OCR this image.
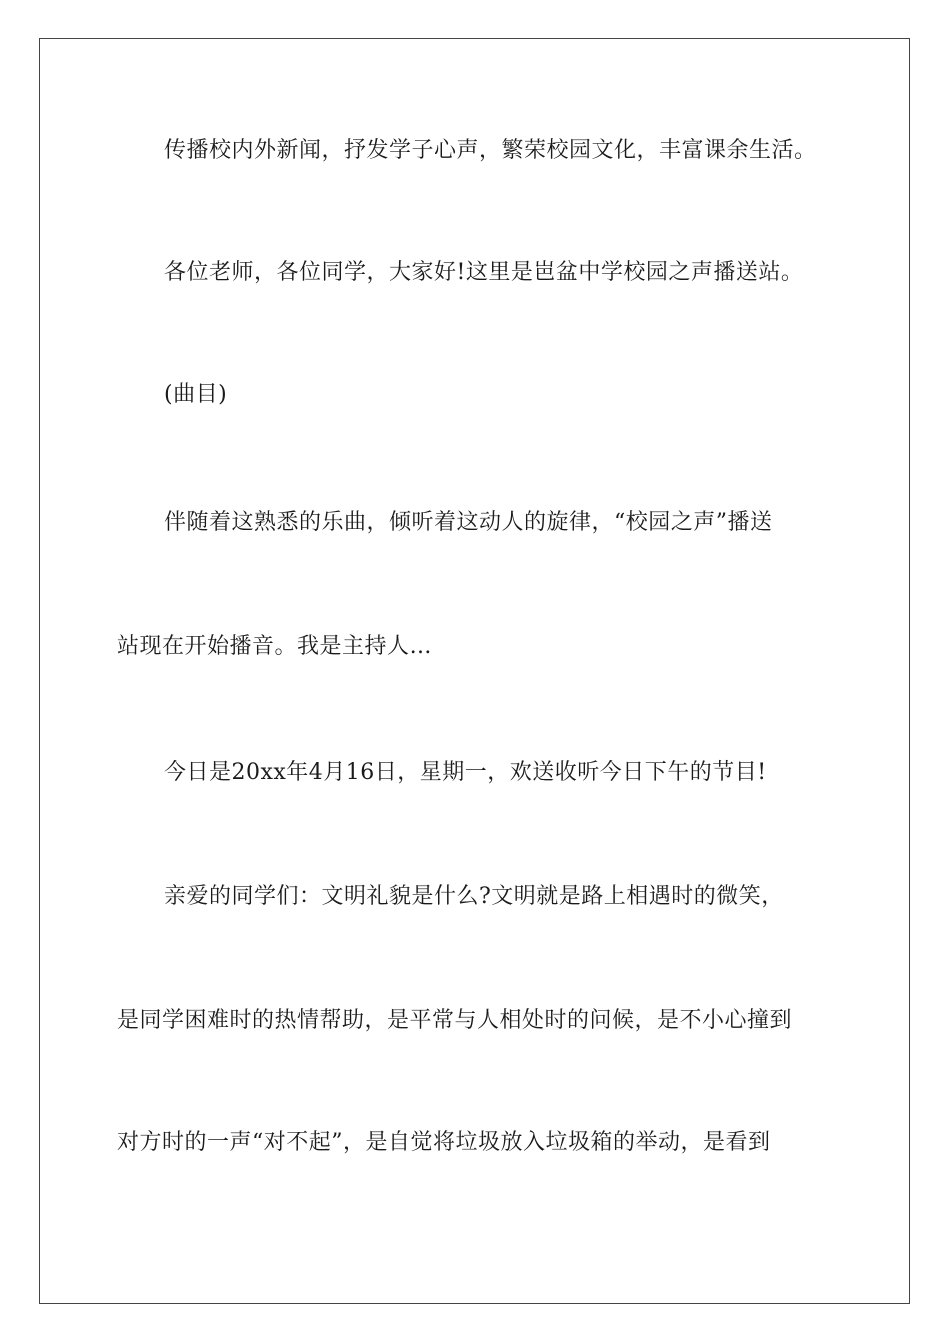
传播校内外新闻，抒发学子心声，繁荣校园文化，丰富课余生活。
各位老师，各位同学，大家好!这里是岜盆中学校园之声播送站。
(曲目)
伴随着这熟悉的乐曲，倾听着这动人的旋律，“校园之声”播送
站现在开始播音。我是主持人…
今日是20xx年4月16日，星期一，欢送收听今日下午的节目!
亲爱的同学们：文明礼貌是什么?文明就是路上相遇时的微笑，
是同学困难时的热情帮助，是平常与人相处时的问候，是不小心撞到
对方时的一声“对不起”，是自觉将垃圾放入垃圾箱的举动，是看到
